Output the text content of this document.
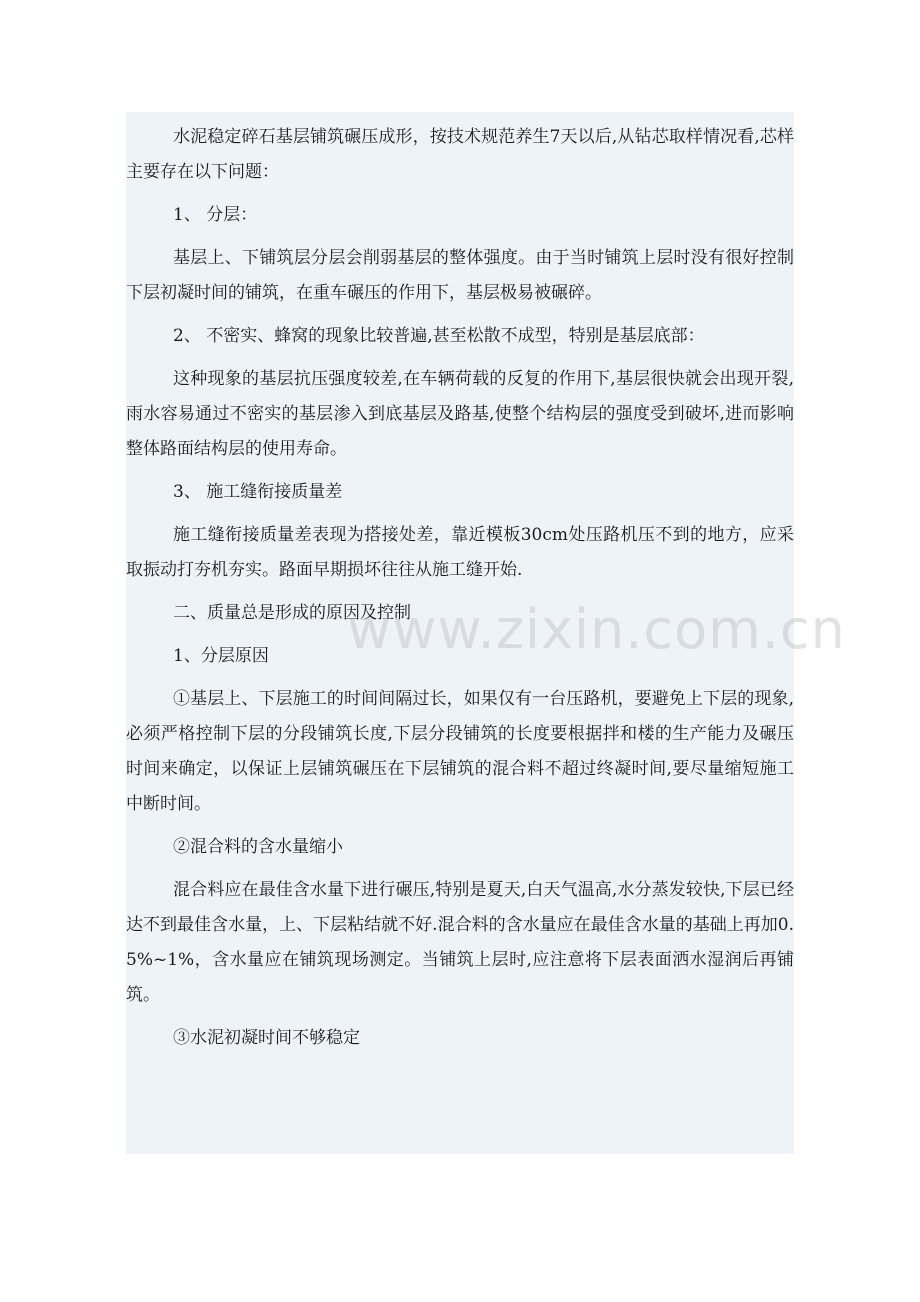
水泥稳定碎石基层铺筑碾压成形，按技术规范养生7天以后,从钻芯取样情况看,芯样主要存在以下问题：

1、 分层：

基层上、下铺筑层分层会削弱基层的整体强度。由于当时铺筑上层时没有很好控制下层初凝时间的铺筑，在重车碾压的作用下，基层极易被碾碎。

2、 不密实、蜂窝的现象比较普遍,甚至松散不成型，特别是基层底部：

这种现象的基层抗压强度较差,在车辆荷载的反复的作用下,基层很快就会出现开裂,雨水容易通过不密实的基层渗入到底基层及路基,使整个结构层的强度受到破坏,进而影响整体路面结构层的使用寿命。

3、 施工缝衔接质量差

施工缝衔接质量差表现为搭接处差，靠近模板30cm处压路机压不到的地方，应采取振动打夯机夯实。路面早期损坏往往从施工缝开始.

二、质量总是形成的原因及控制

1、分层原因

①基层上、下层施工的时间间隔过长，如果仅有一台压路机，要避免上下层的现象,必须严格控制下层的分段铺筑长度,下层分段铺筑的长度要根据拌和楼的生产能力及碾压时间来确定，以保证上层铺筑碾压在下层铺筑的混合料不超过终凝时间,要尽量缩短施工中断时间。

②混合料的含水量缩小

混合料应在最佳含水量下进行碾压,特别是夏天,白天气温高,水分蒸发较快,下层已经达不到最佳含水量，上、下层粘结就不好.混合料的含水量应在最佳含水量的基础上再加0.5%~1%，含水量应在铺筑现场测定。当铺筑上层时,应注意将下层表面洒水湿润后再铺筑。

③水泥初凝时间不够稳定

www.zixin.com.cn
